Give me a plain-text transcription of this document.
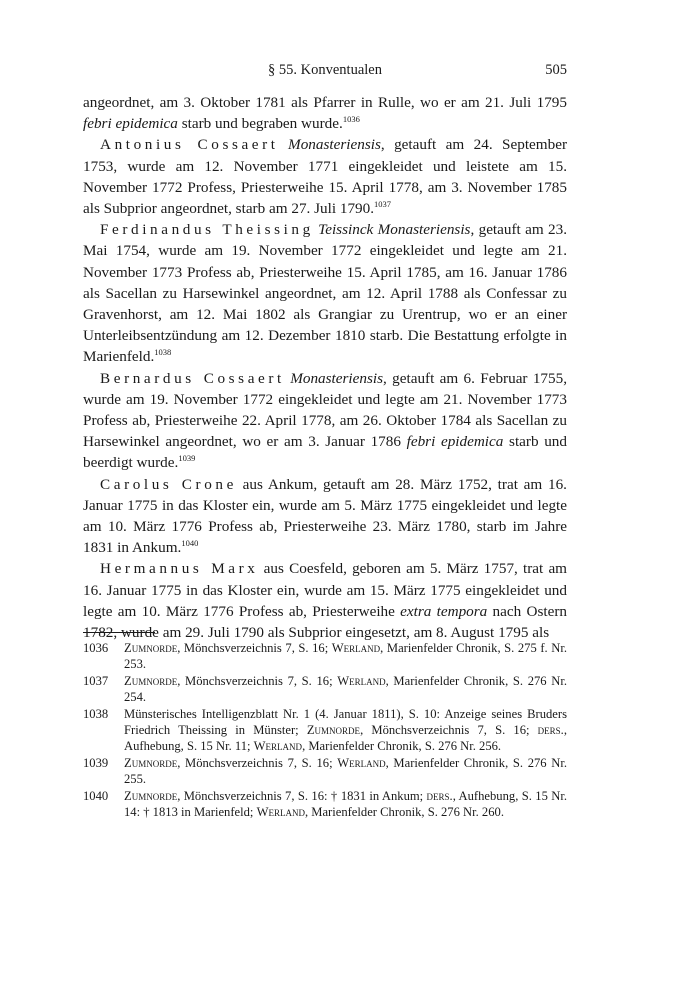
§ 55. Konventualen	505

angeordnet, am 3. Oktober 1781 als Pfarrer in Rulle, wo er am 21. Juli 1795 febri epidemica starb und begraben wurde.$^{1036}$

Antonius Cossaert Monasteriensis, getauft am 24. September 1753, wurde am 12. November 1771 eingekleidet und leistete am 15. November 1772 Profess, Priesterweihe 15. April 1778, am 3. November 1785 als Subprior angeordnet, starb am 27. Juli 1790.$^{1037}$

Ferdinandus Theissing Teissinck Monasteriensis, getauft am 23. Mai 1754, wurde am 19. November 1772 eingekleidet und legte am 21. November 1773 Profess ab, Priesterweihe 15. April 1785, am 16. Januar 1786 als Sacellan zu Harsewinkel angeordnet, am 12. April 1788 als Confessar zu Gravenhorst, am 12. Mai 1802 als Grangiar zu Urentrup, wo er an einer Unterleibsentzündung am 12. Dezember 1810 starb. Die Bestattung erfolgte in Marienfeld.$^{1038}$

Bernardus Cossaert Monasteriensis, getauft am 6. Februar 1755, wurde am 19. November 1772 eingekleidet und legte am 21. November 1773 Profess ab, Priesterweihe 22. April 1778, am 26. Oktober 1784 als Sacellan zu Harsewinkel angeordnet, wo er am 3. Januar 1786 febri epidemica starb und beerdigt wurde.$^{1039}$

Carolus Crone aus Ankum, getauft am 28. März 1752, trat am 16. Januar 1775 in das Kloster ein, wurde am 5. März 1775 eingekleidet und legte am 10. März 1776 Profess ab, Priesterweihe 23. März 1780, starb im Jahre 1831 in Ankum.$^{1040}$

Hermannus Marx aus Coesfeld, geboren am 5. März 1757, trat am 16. Januar 1775 in das Kloster ein, wurde am 15. März 1775 eingekleidet und legte am 10. März 1776 Profess ab, Priesterweihe extra tempora nach Ostern 1782, wurde am 29. Juli 1790 als Subprior eingesetzt, am 8. August 1795 als

1036 Zumnorde, Mönchsverzeichnis 7, S. 16; Werland, Marienfelder Chronik, S. 275 f. Nr. 253.
1037 Zumnorde, Mönchsverzeichnis 7, S. 16; Werland, Marienfelder Chronik, S. 276 Nr. 254.
1038 Münsterisches Intelligenzblatt Nr. 1 (4. Januar 1811), S. 10: Anzeige seines Bruders Friedrich Theissing in Münster; Zumnorde, Mönchsverzeichnis 7, S. 16; ders., Aufhebung, S. 15 Nr. 11; Werland, Marienfelder Chronik, S. 276 Nr. 256.
1039 Zumnorde, Mönchsverzeichnis 7, S. 16; Werland, Marienfelder Chronik, S. 276 Nr. 255.
1040 Zumnorde, Mönchsverzeichnis 7, S. 16: † 1831 in Ankum; ders., Aufhebung, S. 15 Nr. 14: † 1813 in Marienfeld; Werland, Marienfelder Chronik, S. 276 Nr. 260.
